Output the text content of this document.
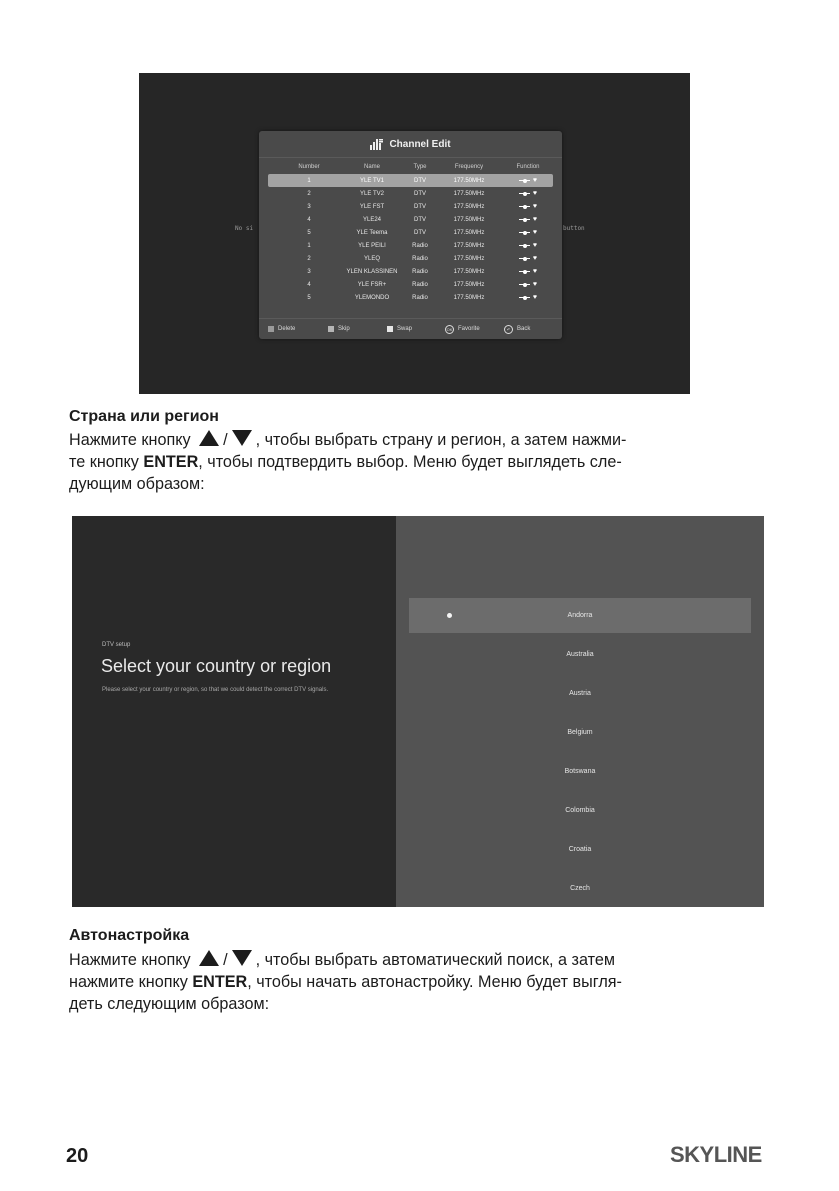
No si	button
Channel Edit
Number	Name	Type	Frequency	Function
1	YLE TV1	DTV	177.50MHz	♥
2	YLE TV2	DTV	177.50MHz	♥
3	YLE FST	DTV	177.50MHz	♥
4	YLE24	DTV	177.50MHz	♥
5	YLE Teema	DTV	177.50MHz	♥
1	YLE PEILI	Radio	177.50MHz	♥
2	YLEQ	Radio	177.50MHz	♥
3	YLEN KLASSINEN	Radio	177.50MHz	♥
4	YLE FSR+	Radio	177.50MHz	♥
5	YLEMONDO	Radio	177.50MHz	♥
Delete	Skip	Swap	OK Favorite	↶	Back
Страна или регион
Нажмите кнопку / , чтобы выбрать страну и регион, а затем нажми-
те кнопку ENTER, чтобы подтвердить выбор. Меню будет выглядеть сле-
дующим образом:
DTV setup
Select your country or region
Please select your country or region, so that we could detect the correct DTV signals.
Andorra
Australia
Austria
Belgium
Botswana
Colombia
Croatia
Czech
Автонастройка
Нажмите кнопку / , чтобы выбрать автоматический поиск, а затем
нажмите кнопку ENTER, чтобы начать автонастройку. Меню будет выгля-
деть следующим образом:
20	SKYLINE
